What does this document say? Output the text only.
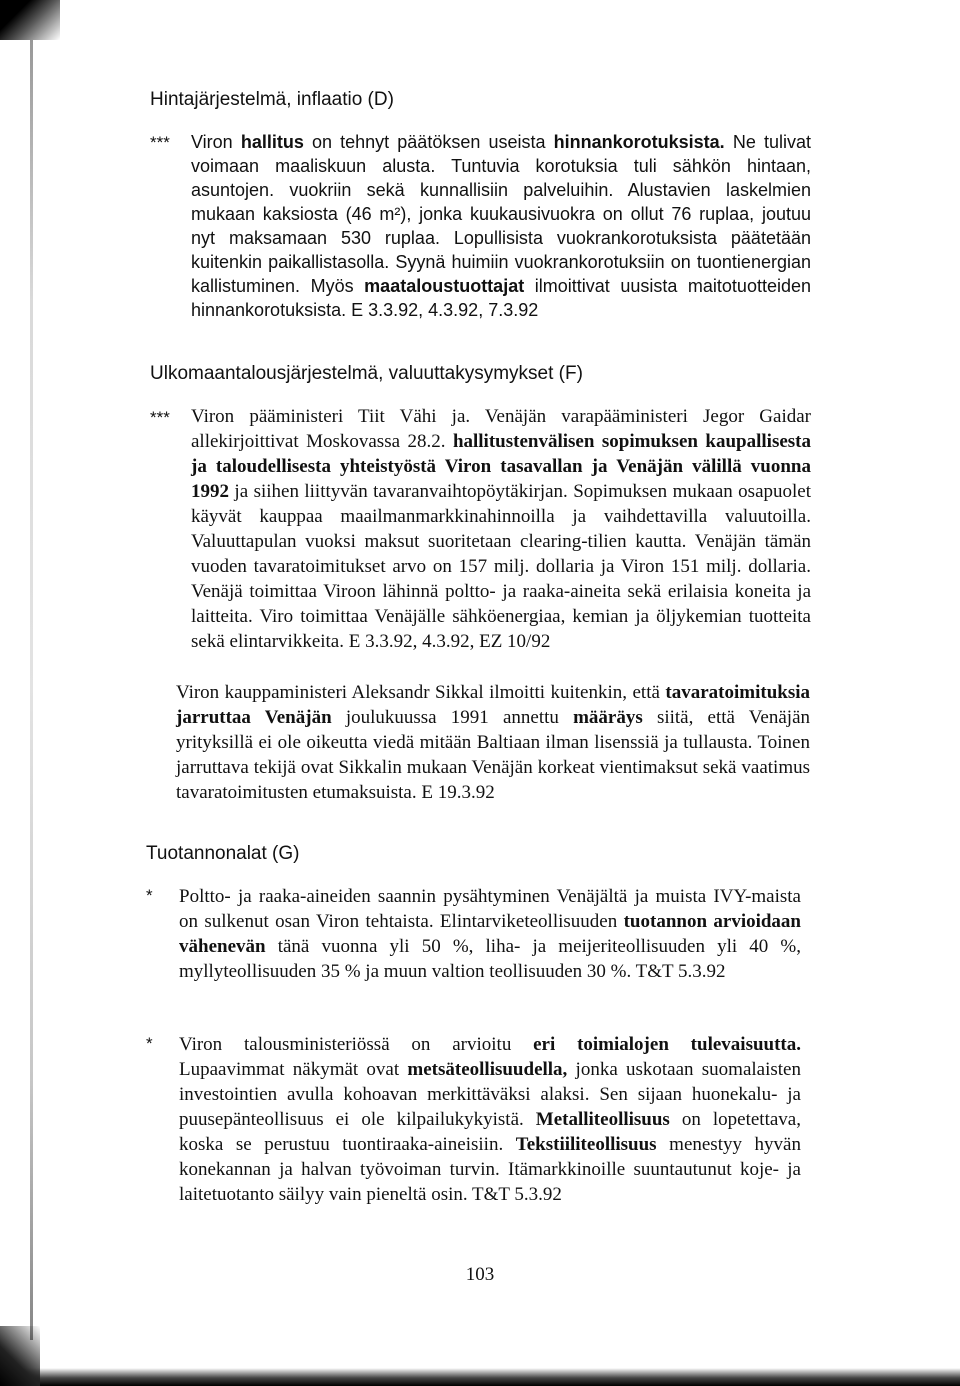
Hintajärjestelmä, inflaatio (D)
*** Viron hallitus on tehnyt päätöksen useista hinnankorotuksista. Ne tulivat voimaan maaliskuun alusta. Tuntuvia korotuksia tuli sähkön hintaan, asuntojen. vuokriin sekä kunnallisiin palveluihin. Alustavien laskelmien mukaan kaksiosta (46 m²), jonka kuukausivuokra on ollut 76 ruplaa, joutuu nyt maksamaan 530 ruplaa. Lopullisista vuokrankorotuksista päätetään kuitenkin paikallistasolla. Syynä huimiin vuokrankorotuksiin on tuontienergian kallistuminen. Myös maataloustuottajat ilmoittivat uusista maitotuotteiden hinnankorotuksista. E 3.3.92, 4.3.92, 7.3.92
Ulkomaantalousjärjestelmä, valuuttakysymykset (F)
*** Viron pääministeri Tiit Vähi ja. Venäjän varapääministeri Jegor Gaidar allekirjoittivat Moskovassa 28.2. hallitustenvälisen sopimuksen kaupallisesta ja taloudellisesta yhteistyöstä Viron tasavallan ja Venäjän välillä vuonna 1992 ja siihen liittyvän tavaranvaihtopöytäkirjan. Sopimuksen mukaan osapuolet käyvät kauppaa maailmanmarkkinahinnoilla ja vaihdettavilla valuutoilla. Valuuttapulan vuoksi maksut suoritetaan clearing-tilien kautta. Venäjän tämän vuoden tavaratoimitukset arvo on 157 milj. dollaria ja Viron 151 milj. dollaria. Venäjä toimittaa Viroon lähinnä poltto- ja raaka-aineita sekä erilaisia koneita ja laitteita. Viro toimittaa Venäjälle sähköenergiaa, kemian ja öljykemian tuotteita sekä elintarvikkeita. E 3.3.92, 4.3.92, EZ 10/92
Viron kauppaministeri Aleksandr Sikkal ilmoitti kuitenkin, että tavaratoimituksia jarruttaa Venäjän joulukuussa 1991 annettu määräys siitä, että Venäjän yrityksillä ei ole oikeutta viedä mitään Baltiaan ilman lisenssiä ja tullausta. Toinen jarruttava tekijä ovat Sikkalin mukaan Venäjän korkeat vientimaksut sekä vaatimus tavaratoimitusten etumaksuista. E 19.3.92
Tuotannonalat (G)
* Poltto- ja raaka-aineiden saannin pysähtyminen Venäjältä ja muista IVY-maista on sulkenut osan Viron tehtaista. Elintarviketeollisuuden tuotannon arvioidaan vähenevän tänä vuonna yli 50 %, liha- ja meijeriteollisuuden yli 40 %, myllyteollisuuden 35 % ja muun valtion teollisuuden 30 %. T&T 5.3.92
* Viron talousministeriössä on arvioitu eri toimialojen tulevaisuutta. Lupaavimmat näkymät ovat metsäteollisuudella, jonka uskotaan suomalaisten investointien avulla kohoavan merkittäväksi alaksi. Sen sijaan huonekalu- ja puusepänteollisuus ei ole kilpailukykyistä. Metalliteollisuus on lopetettava, koska se perustuu tuontiraaka-aineisiin. Tekstiiliteollisuus menestyy hyvän konekannan ja halvan työvoiman turvin. Itämarkkinoille suuntautunut koje- ja laitetuotanto säilyy vain pieneltä osin. T&T 5.3.92
103
